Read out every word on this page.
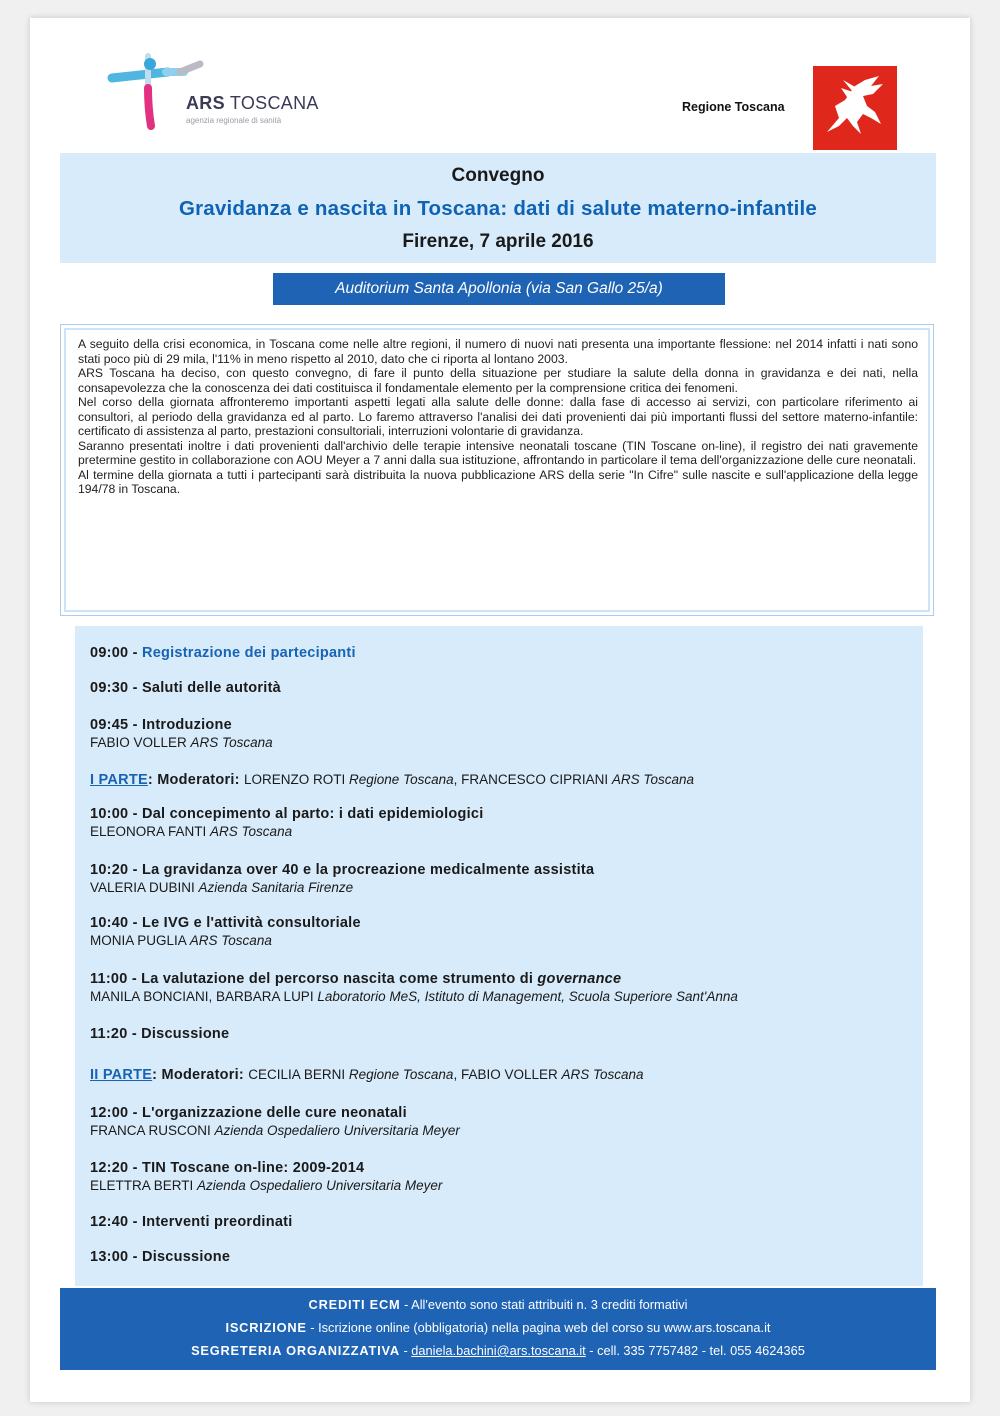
ARS TOSCANA
agenzia regionale di sanità
Regione Toscana
Convegno
Gravidanza e nascita in Toscana: dati di salute materno-infantile
Firenze, 7 aprile 2016
Auditorium Santa Apollonia (via San Gallo 25/a)

A seguito della crisi economica, in Toscana come nelle altre regioni, il numero di nuovi nati presenta una importante flessione: nel 2014 infatti i nati sono stati poco più di 29 mila, l'11% in meno rispetto al 2010, dato che ci riporta al lontano 2003.

ARS Toscana ha deciso, con questo convegno, di fare il punto della situazione per studiare la salute della donna in gravidanza e dei nati, nella consapevolezza che la conoscenza dei dati costituisca il fondamentale elemento per la comprensione critica dei fenomeni.

Nel corso della giornata affronteremo importanti aspetti legati alla salute delle donne: dalla fase di accesso ai servizi, con particolare riferimento ai consultori, al periodo della gravidanza ed al parto. Lo faremo attraverso l'analisi dei dati provenienti dai più importanti flussi del settore materno-infantile: certificato di assistenza al parto, prestazioni consultoriali, interruzioni volontarie di gravidanza.

Saranno presentati inoltre i dati provenienti dall'archivio delle terapie intensive neonatali toscane (TIN Toscane on-line), il registro dei nati gravemente pretermine gestito in collaborazione con AOU Meyer a 7 anni dalla sua istituzione, affrontando in particolare il tema dell'organizzazione delle cure neonatali.

Al termine della giornata a tutti i partecipanti sarà distribuita la nuova pubblicazione ARS della serie "In Cifre" sulle nascite e sull'applicazione della legge 194/78 in Toscana.

09:00 - Registrazione dei partecipanti
09:30 - Saluti delle autorità
09:45 - Introduzione
FABIO VOLLER ARS Toscana
I PARTE: Moderatori: LORENZO ROTI Regione Toscana, FRANCESCO CIPRIANI ARS Toscana
10:00 - Dal concepimento al parto: i dati epidemiologici
ELEONORA FANTI ARS Toscana
10:20 - La gravidanza over 40 e la procreazione medicalmente assistita
VALERIA DUBINI Azienda Sanitaria Firenze
10:40 - Le IVG e l'attività consultoriale
MONIA PUGLIA ARS Toscana
11:00 - La valutazione del percorso nascita come strumento di governance
MANILA BONCIANI, BARBARA LUPI Laboratorio MeS, Istituto di Management, Scuola Superiore Sant'Anna
11:20 - Discussione
II PARTE: Moderatori: CECILIA BERNI Regione Toscana, FABIO VOLLER ARS Toscana
12:00 - L'organizzazione delle cure neonatali
FRANCA RUSCONI Azienda Ospedaliero Universitaria Meyer
12:20 - TIN Toscane on-line: 2009-2014
ELETTRA BERTI Azienda Ospedaliero Universitaria Meyer
12:40 - Interventi preordinati
13:00 - Discussione
CREDITI ECM - All'evento sono stati attribuiti n. 3 crediti formativi
ISCRIZIONE - Iscrizione online (obbligatoria) nella pagina web del corso su www.ars.toscana.it
SEGRETERIA ORGANIZZATIVA - daniela.bachini@ars.toscana.it - cell. 335 7757482 - tel. 055 4624365
